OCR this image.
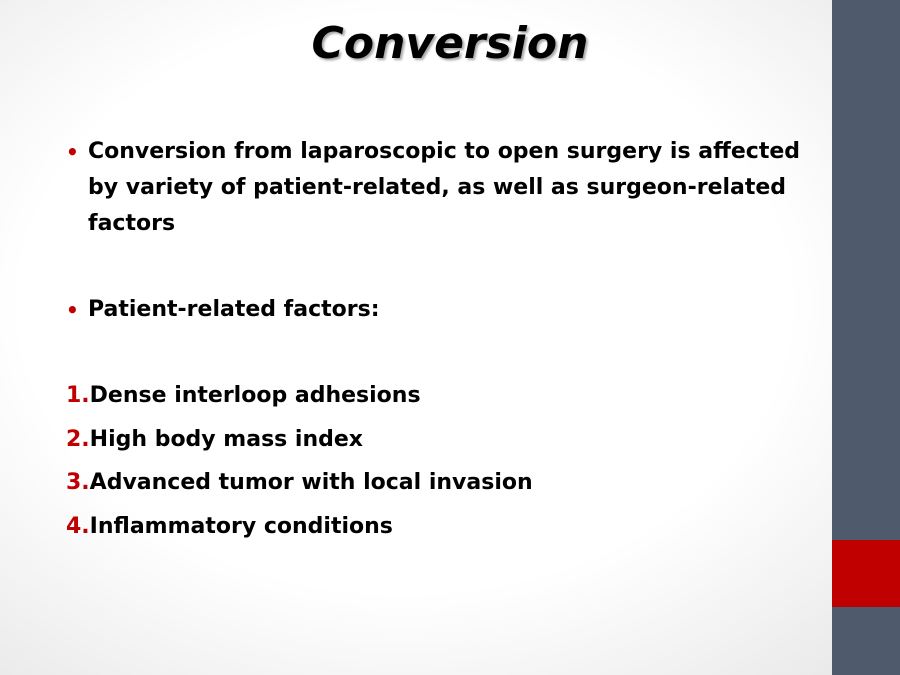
Conversion
• Conversion from laparoscopic to open surgery is affected by variety of patient-related, as well as surgeon-related factors
• Patient-related factors:
1.Dense interloop adhesions
2.High body mass index
3.Advanced tumor with local invasion
4.Inflammatory conditions
